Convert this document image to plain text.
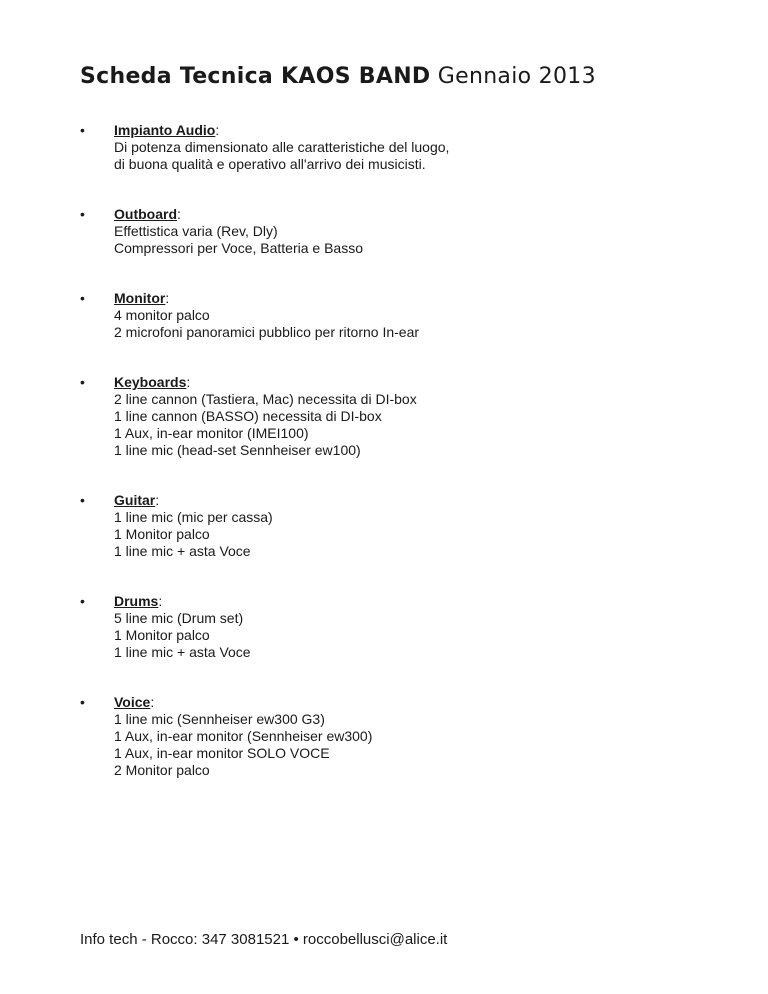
Scheda Tecnica KAOS BAND Gennaio 2013
• Impianto Audio:
Di potenza dimensionato alle caratteristiche del luogo,
di buona qualità e operativo all'arrivo dei musicisti.
• Outboard:
Effettistica varia (Rev, Dly)
Compressori per Voce, Batteria e Basso
• Monitor:
4 monitor palco
2 microfoni panoramici pubblico per ritorno In-ear
• Keyboards:
2 line cannon (Tastiera, Mac) necessita di DI-box
1 line cannon (BASSO) necessita di DI-box
1 Aux, in-ear monitor (IMEI100)
1 line mic (head-set Sennheiser ew100)
• Guitar:
1 line mic (mic per cassa)
1 Monitor palco
1 line mic + asta Voce
• Drums:
5 line mic (Drum set)
1 Monitor palco
1 line mic + asta Voce
• Voice:
1 line mic (Sennheiser ew300 G3)
1 Aux, in-ear monitor (Sennheiser ew300)
1 Aux, in-ear monitor SOLO VOCE
2 Monitor palco
Info tech - Rocco: 347 3081521 • roccobellusci@alice.it
